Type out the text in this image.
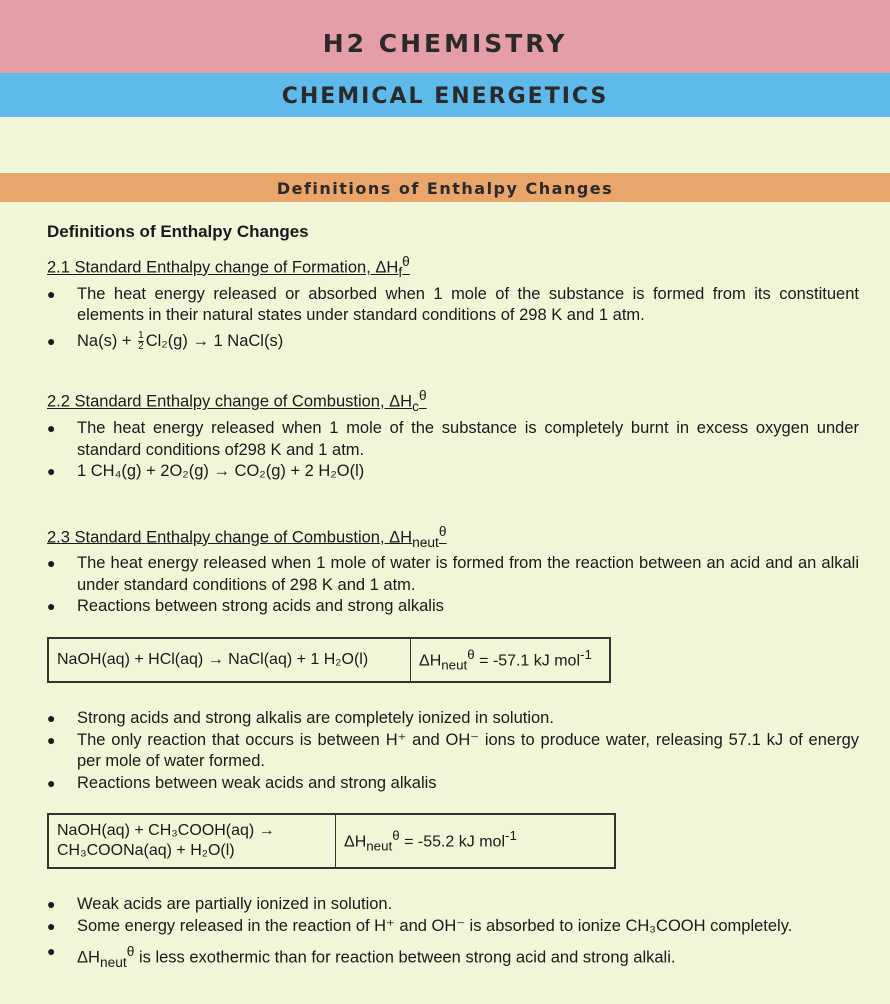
H2 CHEMISTRY
CHEMICAL ENERGETICS
Definitions of Enthalpy Changes
Definitions of Enthalpy Changes

2.1 Standard Enthalpy change of Formation, $\Delta H_f^\theta$

● The heat energy released or absorbed when 1 mole of the substance is formed from its constituent elements in their natural states under standard conditions of 298 K and 1 atm.
● $Na(s) + \frac{1}{2} Cl_2(g) \to 1$ NaCl(s)

2.2 Standard Enthalpy change of Combustion, $\Delta H_c^\theta$

● The heat energy released when 1 mole of the substance is completely burnt in excess oxygen under standard conditions of298 K and 1 atm.
● 1 CH₄(g) + 2O₂(g) → CO₂(g) + 2 H₂O(l)

2.3 Standard Enthalpy change of Combustion, $\Delta H_{neut}^\theta$

● The heat energy released when 1 mole of water is formed from the reaction between an acid and an alkali under standard conditions of 298 K and 1 atm.
● Reactions between strong acids and strong alkalis
NaOH(aq) + HCl(aq) → NaCl(aq) + 1 H₂O(l)	$\Delta H_{neut}^\theta = -57.1$ kJ mol$^{-1}$
● Strong acids and strong alkalis are completely ionized in solution.
● The only reaction that occurs is between H⁺ and OH⁻ ions to produce water, releasing 57.1 kJ of energy per mole of water formed.
● Reactions between weak acids and strong alkalis
NaOH(aq) + CH₃COOH(aq) →
CH₃COONa(aq) + H₂O(l)
	$\Delta H_{neut}^\theta = -55.2$ kJ mol$^{-1}$
● Weak acids are partially ionized in solution.
● Some energy released in the reaction of H⁺ and OH⁻ is absorbed to ionize CH₃COOH completely.
● $\Delta H_{neut}^\theta$ is less exothermic than for reaction between strong acid and strong alkali.
